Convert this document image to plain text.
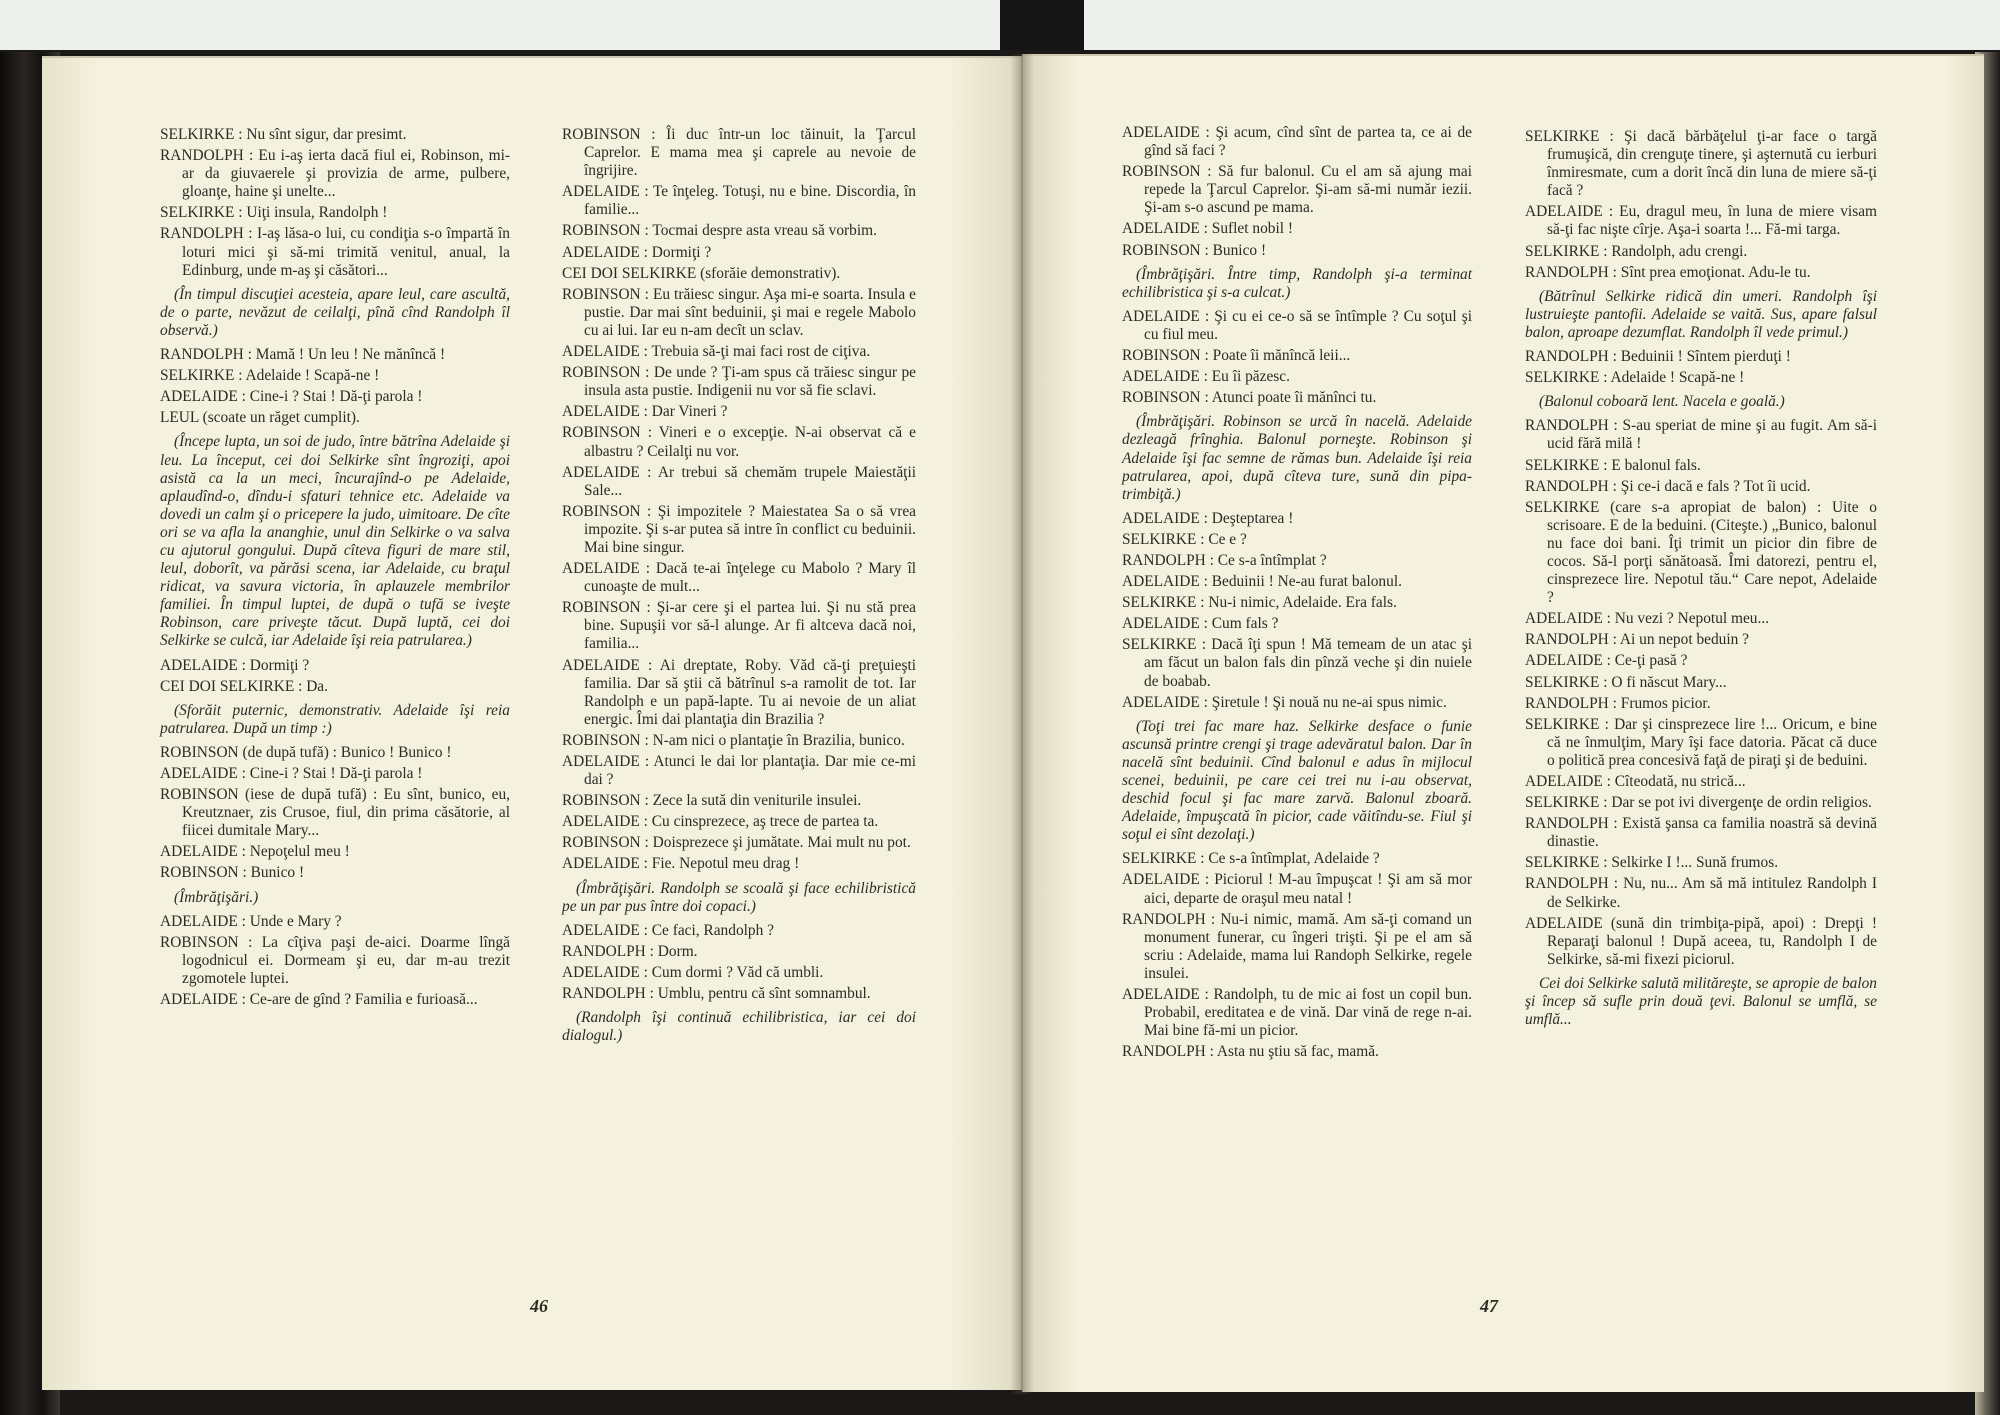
SELKIRKE : Nu sînt sigur, dar presimt.

RANDOLPH : Eu i-aş ierta dacă fiul ei, Robinson, mi-ar da giuvaerele şi provizia de arme, pulbere, gloanţe, haine şi unelte...

SELKIRKE : Uiţi insula, Randolph !

RANDOLPH : I-aş lăsa-o lui, cu condiţia s-o împartă în loturi mici şi să-mi trimită venitul, anual, la Edinburg, unde m-aş şi căsători...

(În timpul discuţiei acesteia, apare leul, care ascultă, de o parte, nevăzut de ceilalţi, pînă cînd Randolph îl observă.)

RANDOLPH : Mamă ! Un leu ! Ne mănîncă !

SELKIRKE : Adelaide ! Scapă-ne !

ADELAIDE : Cine-i ? Stai ! Dă-ţi parola !

LEUL (scoate un răget cumplit).

(Începe lupta, un soi de judo, între bătrîna Adelaide şi leu. La început, cei doi Selkirke sînt îngroziţi, apoi asistă ca la un meci, încurajînd-o pe Adelaide, aplaudînd-o, dîndu-i sfaturi tehnice etc. Adelaide va dovedi un calm şi o pricepere la judo, uimitoare. De cîte ori se va afla la ananghie, unul din Selkirke o va salva cu ajutorul gongului. După cîteva figuri de mare stil, leul, doborît, va părăsi scena, iar Adelaide, cu braţul ridicat, va savura victoria, în aplauzele membrilor familiei. În timpul luptei, de după o tufă se iveşte Robinson, care priveşte tăcut. După luptă, cei doi Selkirke se culcă, iar Adelaide îşi reia patrularea.)

ADELAIDE : Dormiţi ?

CEI DOI SELKIRKE : Da.

(Sforăit puternic, demonstrativ. Adelaide îşi reia patrularea. După un timp :)

ROBINSON (de după tufă) : Bunico ! Bunico !

ADELAIDE : Cine-i ? Stai ! Dă-ţi parola !

ROBINSON (iese de după tufă) : Eu sînt, bunico, eu, Kreutznaer, zis Crusoe, fiul, din prima căsătorie, al fiicei dumitale Mary...

ADELAIDE : Nepoţelul meu !

ROBINSON : Bunico !

(Îmbrăţişări.)

ADELAIDE : Unde e Mary ?

ROBINSON : La cîţiva paşi de-aici. Doarme lîngă logodnicul ei. Dormeam şi eu, dar m-au trezit zgomotele luptei.

ADELAIDE : Ce-are de gînd ? Familia e furioasă...

ROBINSON : Îi duc într-un loc tăinuit, la Ţarcul Caprelor. E mama mea şi caprele au nevoie de îngrijire.

ADELAIDE : Te înţeleg. Totuşi, nu e bine. Discordia, în familie...

ROBINSON : Tocmai despre asta vreau să vorbim.

ADELAIDE : Dormiţi ?

CEI DOI SELKIRKE (sforăie demonstrativ).

ROBINSON : Eu trăiesc singur. Aşa mi-e soarta. Insula e pustie. Dar mai sînt beduinii, şi mai e regele Mabolo cu ai lui. Iar eu n-am decît un sclav.

ADELAIDE : Trebuia să-ţi mai faci rost de ciţiva.

ROBINSON : De unde ? Ţi-am spus că trăiesc singur pe insula asta pustie. Indigenii nu vor să fie sclavi.

ADELAIDE : Dar Vineri ?

ROBINSON : Vineri e o excepţie. N-ai observat că e albastru ? Ceilalţi nu vor.

ADELAIDE : Ar trebui să chemăm trupele Maiestăţii Sale...

ROBINSON : Şi impozitele ? Maiestatea Sa o să vrea impozite. Şi s-ar putea să intre în conflict cu beduinii. Mai bine singur.

ADELAIDE : Dacă te-ai înţelege cu Mabolo ? Mary îl cunoaşte de mult...

ROBINSON : Şi-ar cere şi el partea lui. Şi nu stă prea bine. Supuşii vor să-l alunge. Ar fi altceva dacă noi, familia...

ADELAIDE : Ai dreptate, Roby. Văd că-ţi preţuieşti familia. Dar să ştii că bătrînul s-a ramolit de tot. Iar Randolph e un papă-lapte. Tu ai nevoie de un aliat energic. Îmi dai plantaţia din Brazilia ?

ROBINSON : N-am nici o plantaţie în Brazilia, bunico.

ADELAIDE : Atunci le dai lor plantaţia. Dar mie ce-mi dai ?

ROBINSON : Zece la sută din veniturile insulei.

ADELAIDE : Cu cinsprezece, aş trece de partea ta.

ROBINSON : Doisprezece şi jumătate. Mai mult nu pot.

ADELAIDE : Fie. Nepotul meu drag !

(Îmbrăţişări. Randolph se scoală şi face echilibristică pe un par pus între doi copaci.)

ADELAIDE : Ce faci, Randolph ?

RANDOLPH : Dorm.

ADELAIDE : Cum dormi ? Văd că umbli.

RANDOLPH : Umblu, pentru că sînt somnambul.

(Randolph îşi continuă echilibristica, iar cei doi dialogul.)

ADELAIDE : Şi acum, cînd sînt de partea ta, ce ai de gînd să faci ?

ROBINSON : Să fur balonul. Cu el am să ajung mai repede la Ţarcul Caprelor. Şi-am să-mi număr iezii. Şi-am s-o ascund pe mama.

ADELAIDE : Suflet nobil !

ROBINSON : Bunico !

(Îmbrăţişări. Între timp, Randolph şi-a terminat echilibristica şi s-a culcat.)

ADELAIDE : Şi cu ei ce-o să se întîmple ? Cu soţul şi cu fiul meu.

ROBINSON : Poate îi mănîncă leii...

ADELAIDE : Eu îi păzesc.

ROBINSON : Atunci poate îi mănînci tu.

(Îmbrăţişări. Robinson se urcă în nacelă. Adelaide dezleagă frînghia. Balonul porneşte. Robinson şi Adelaide îşi fac semne de rămas bun. Adelaide îşi reia patrularea, apoi, după cîteva ture, sună din pipa-trimbiţă.)

ADELAIDE : Deşteptarea !

SELKIRKE : Ce e ?

RANDOLPH : Ce s-a întîmplat ?

ADELAIDE : Beduinii ! Ne-au furat balonul.

SELKIRKE : Nu-i nimic, Adelaide. Era fals.

ADELAIDE : Cum fals ?

SELKIRKE : Dacă îţi spun ! Mă temeam de un atac şi am făcut un balon fals din pînză veche şi din nuiele de boabab.

ADELAIDE : Şiretule ! Şi nouă nu ne-ai spus nimic.

(Toţi trei fac mare haz. Selkirke desface o funie ascunsă printre crengi şi trage adevăratul balon. Dar în nacelă sînt beduinii. Cînd balonul e adus în mijlocul scenei, beduinii, pe care cei trei nu i-au observat, deschid focul şi fac mare zarvă. Balonul zboară. Adelaide, împuşcată în picior, cade văitîndu-se. Fiul şi soţul ei sînt dezolaţi.)

SELKIRKE : Ce s-a întîmplat, Adelaide ?

ADELAIDE : Piciorul ! M-au împuşcat ! Şi am să mor aici, departe de oraşul meu natal !

RANDOLPH : Nu-i nimic, mamă. Am să-ţi comand un monument funerar, cu îngeri trişti. Şi pe el am să scriu : Adelaide, mama lui Randoph Selkirke, regele insulei.

ADELAIDE : Randolph, tu de mic ai fost un copil bun. Probabil, ereditatea e de vină. Dar vină de rege n-ai. Mai bine fă-mi un picior.

RANDOLPH : Asta nu ştiu să fac, mamă.

SELKIRKE : Şi dacă bărbăţelul ţi-ar face o targă frumuşică, din crenguţe tinere, şi aşternută cu ierburi înmiresmate, cum a dorit încă din luna de miere să-ţi facă ?

ADELAIDE : Eu, dragul meu, în luna de miere visam să-ţi fac nişte cîrje. Aşa-i soarta !... Fă-mi targa.

SELKIRKE : Randolph, adu crengi.

RANDOLPH : Sînt prea emoţionat. Adu-le tu.

(Bătrînul Selkirke ridică din umeri. Randolph îşi lustruieşte pantofii. Adelaide se vaită. Sus, apare falsul balon, aproape dezumflat. Randolph îl vede primul.)

RANDOLPH : Beduinii ! Sîntem pierduţi !

SELKIRKE : Adelaide ! Scapă-ne !

(Balonul coboară lent. Nacela e goală.)

RANDOLPH : S-au speriat de mine şi au fugit. Am să-i ucid fără milă !

SELKIRKE : E balonul fals.

RANDOLPH : Şi ce-i dacă e fals ? Tot îi ucid.

SELKIRKE (care s-a apropiat de balon) : Uite o scrisoare. E de la beduini. (Citeşte.) „Bunico, balonul nu face doi bani. Îţi trimit un picior din fibre de cocos. Să-l porţi sănătoasă. Îmi datorezi, pentru el, cinsprezece lire. Nepotul tău.“ Care nepot, Adelaide ?

ADELAIDE : Nu vezi ? Nepotul meu...

RANDOLPH : Ai un nepot beduin ?

ADELAIDE : Ce-ţi pasă ?

SELKIRKE : O fi născut Mary...

RANDOLPH : Frumos picior.

SELKIRKE : Dar şi cinsprezece lire !... Oricum, e bine că ne înmulţim, Mary îşi face datoria. Păcat că duce o politică prea concesivă faţă de piraţi şi de beduini.

ADELAIDE : Cîteodată, nu strică...

SELKIRKE : Dar se pot ivi divergenţe de ordin religios.

RANDOLPH : Există şansa ca familia noastră să devină dinastie.

SELKIRKE : Selkirke I !... Sună frumos.

RANDOLPH : Nu, nu... Am să mă intitulez Randolph I de Selkirke.

ADELAIDE (sună din trimbiţa-pipă, apoi) : Drepţi ! Reparaţi balonul ! După aceea, tu, Randolph I de Selkirke, să-mi fixezi piciorul.

Cei doi Selkirke salută milităreşte, se apropie de balon şi încep să sufle prin două ţevi. Balonul se umflă, se umflă...

46	47
